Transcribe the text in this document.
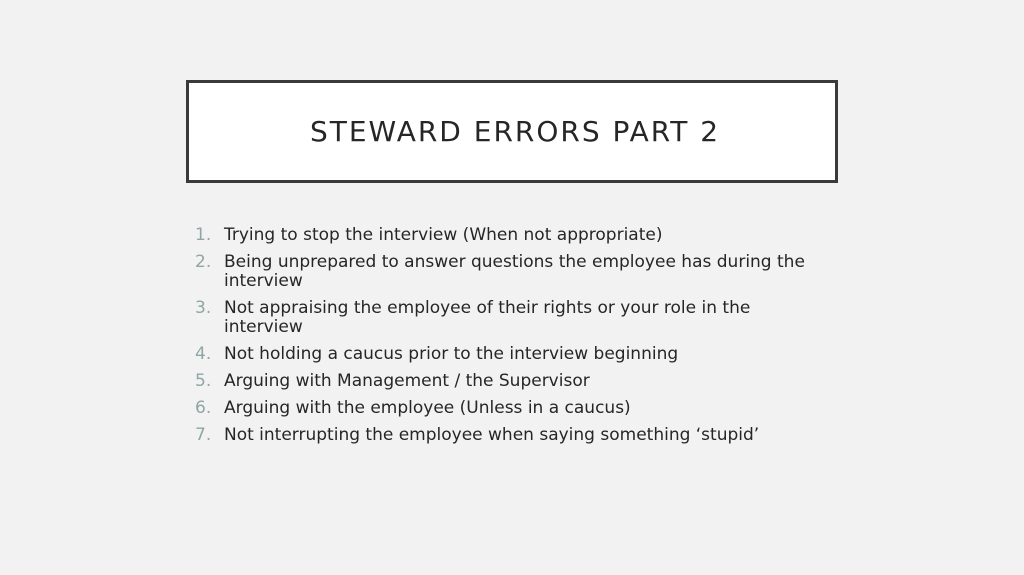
STEWARD ERRORS PART 2
1. Trying to stop the interview (When not appropriate)
2. Being unprepared to answer questions the employee has during the interview
3. Not appraising the employee of their rights or your role in the interview
4. Not holding a caucus prior to the interview beginning
5. Arguing with Management / the Supervisor
6. Arguing with the employee (Unless in a caucus)
7. Not interrupting the employee when saying something ‘stupid’
